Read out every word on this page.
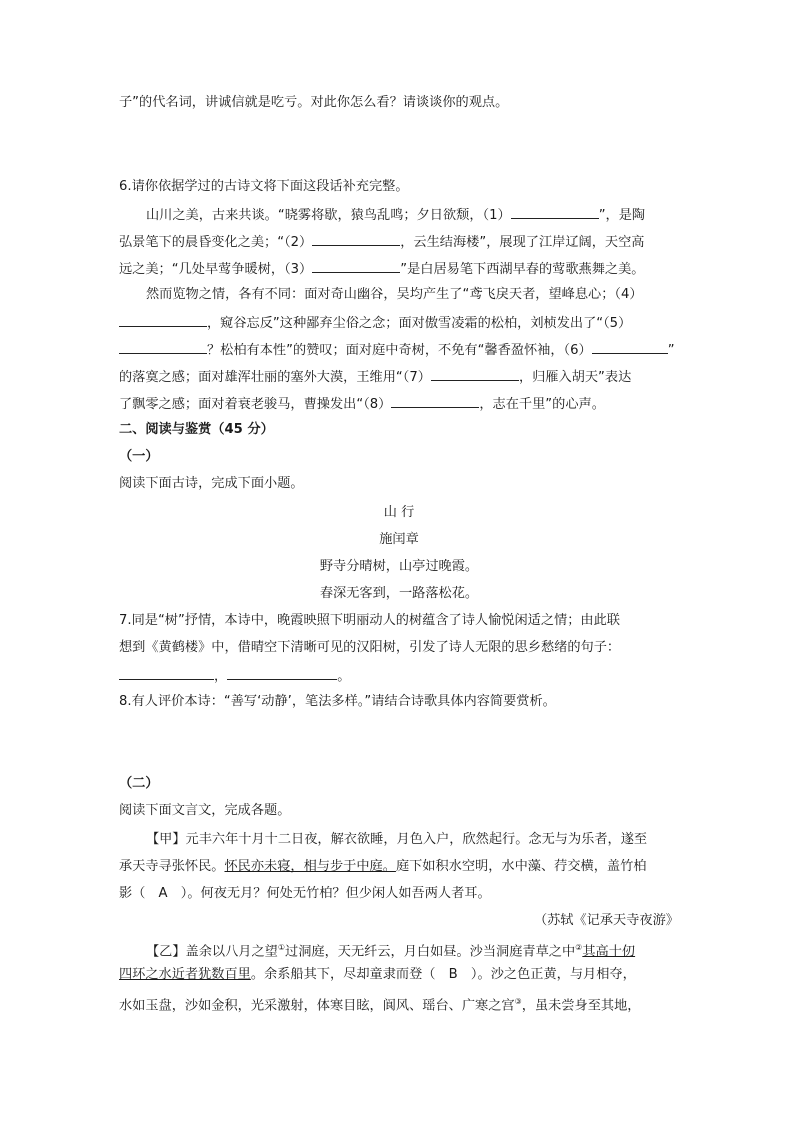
子”的代名词，讲诚信就是吃亏。对此你怎么看？请谈谈你的观点。
6.请你依据学过的古诗文将下面这段话补充完整。
山川之美，古来共谈。“晓雾将歇，猿鸟乱鸣；夕日欲颓，（1）	”，是陶
弘景笔下的晨昏变化之美；“（2）	，云生结海楼”，展现了江岸辽阔，天空高
远之美；“几处早莺争暖树，（3）	”是白居易笔下西湖早春的莺歌燕舞之美。
然而览物之情，各有不同：面对奇山幽谷，吴均产生了“鸢飞戾天者，望峰息心；（4）
，窥谷忘反”这种鄙弃尘俗之念；面对傲雪凌霜的松柏，刘桢发出了“（5）
？松柏有本性”的赞叹；面对庭中奇树，不免有“馨香盈怀袖，（6）	”
的落寞之感；面对雄浑壮丽的塞外大漠，王维用“（7）	，归雁入胡天”表达
了飘零之感；面对着衰老骏马，曹操发出“（8）	，志在千里”的心声。
二、阅读与鉴赏（45 分）
（一）
阅读下面古诗，完成下面小题。
山 行
施闰章
野寺分晴树，山亭过晚霞。
春深无客到，一路落松花。
7.同是“树”抒情，本诗中，晚霞映照下明丽动人的树蕴含了诗人愉悦闲适之情；由此联
想到《黄鹤楼》中，借晴空下清晰可见的汉阳树，引发了诗人无限的思乡愁绪的句子：
，	。
8.有人评价本诗：“善写‘动静’，笔法多样。”请结合诗歌具体内容简要赏析。
（二）
阅读下面文言文，完成各题。
【甲】元丰六年十月十二日夜，解衣欲睡，月色入户，欣然起行。念无与为乐者，遂至
承天寺寻张怀民。怀民亦未寝，相与步于中庭。庭下如积水空明，水中藻、荇交横，盖竹柏
影（　A　）。何夜无月？何处无竹柏？但少闲人如吾两人者耳。
（苏轼《记承天寺夜游》
【乙】盖余以八月之望①过洞庭，天无纤云，月白如昼。沙当洞庭青草之中②其高十仞
四环之水近者犹数百里。余系船其下，尽却童隶而登（　B　）。沙之色正黄，与月相夺，
水如玉盘，沙如金积，光采激射，体寒目眩，阆风、瑶台、广寒之宫③，虽未尝身至其地，
